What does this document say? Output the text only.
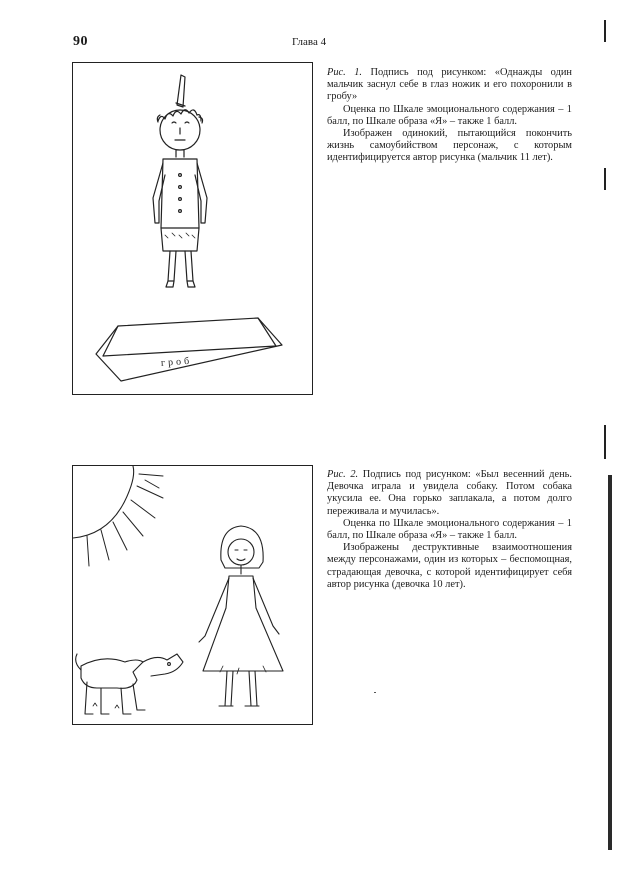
90	Глава 4
гроб

Рис. 1. Подпись под рисунком: «Однажды один мальчик заснул себе в глаз ножик и его похоронили в гробу»

Оценка по Шкале эмоционального содержания – 1 балл, по Шкале образа «Я» – также 1 балл.

Изображен одинокий, пытающийся покончить жизнь самоубийством персонаж, с которым идентифицируется автор рисунка (мальчик 11 лет).

Рис. 2. Подпись под рисунком: «Был весенний день. Девочка играла и увидела собаку. Потом собака укусила ее. Она горько заплакала, а потом долго переживала и мучилась».

Оценка по Шкале эмоционального содержания – 1 балл, по Шкале образа «Я» – также 1 балл.

Изображены деструктивные взаимоотношения между персонажами, один из которых – беспомощная, страдающая девочка, с которой идентифицирует себя автор рисунка (девочка 10 лет).
